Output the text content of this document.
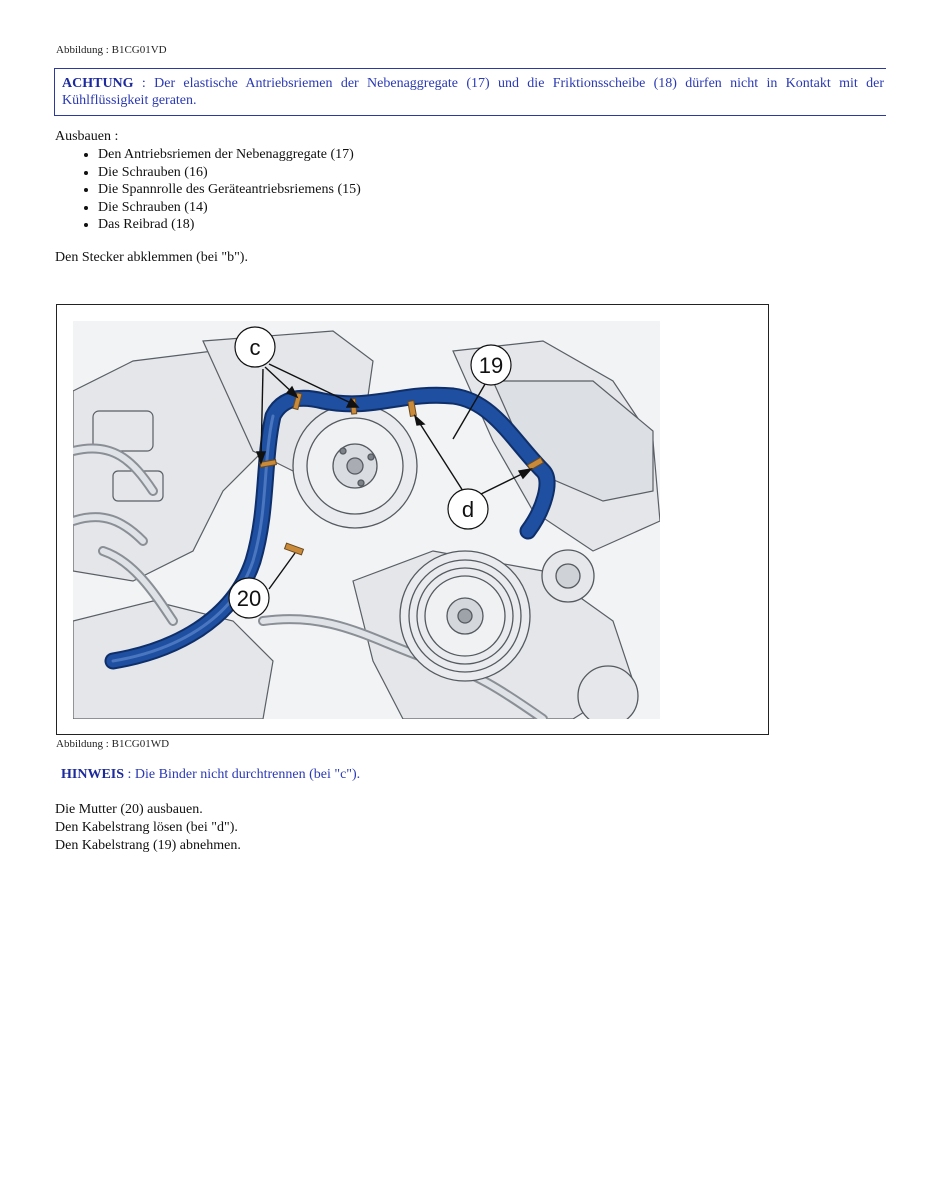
Abbildung : B1CG01VD
ACHTUNG : Der elastische Antriebsriemen der Nebenaggregate (17) und die Friktionsscheibe (18) dürfen nicht in Kontakt mit der
Kühlflüssigkeit geraten.
Ausbauen :
• Den Antriebsriemen der Nebenaggregate (17)
• Die Schrauben (16)
• Die Spannrolle des Geräteantriebsriemens (15)
• Die Schrauben (14)
• Das Reibrad (18)
Den Stecker abklemmen (bei "b").
c
19
d
20
Abbildung : B1CG01WD
HINWEIS : Die Binder nicht durchtrennen (bei "c").
Die Mutter (20) ausbauen.
Den Kabelstrang lösen (bei "d").
Den Kabelstrang (19) abnehmen.
